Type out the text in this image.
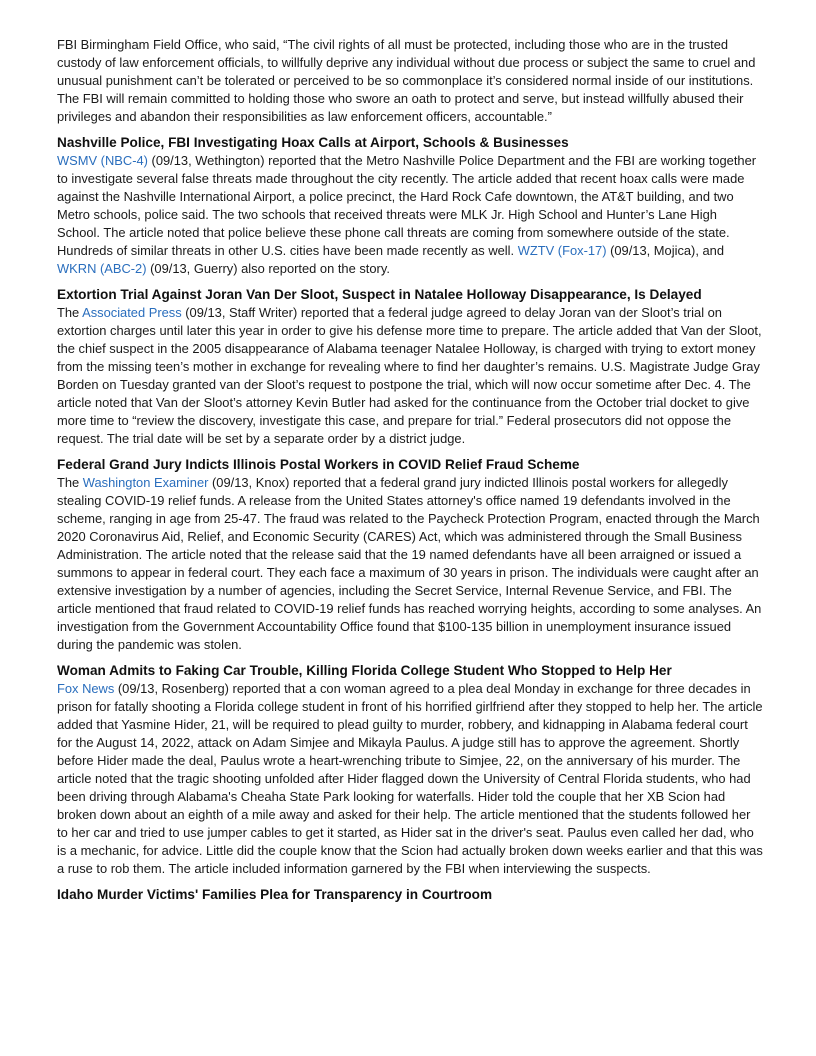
FBI Birmingham Field Office, who said, “The civil rights of all must be protected, including those who are in the trusted custody of law enforcement officials, to willfully deprive any individual without due process or subject the same to cruel and unusual punishment can’t be tolerated or perceived to be so commonplace it’s considered normal inside of our institutions. The FBI will remain committed to holding those who swore an oath to protect and serve, but instead willfully abused their privileges and abandon their responsibilities as law enforcement officers, accountable.”

Nashville Police, FBI Investigating Hoax Calls at Airport, Schools & Businesses

WSMV (NBC-4) (09/13, Wethington) reported that the Metro Nashville Police Department and the FBI are working together to investigate several false threats made throughout the city recently. The article added that recent hoax calls were made against the Nashville International Airport, a police precinct, the Hard Rock Cafe downtown, the AT&T building, and two Metro schools, police said. The two schools that received threats were MLK Jr. High School and Hunter’s Lane High School. The article noted that police believe these phone call threats are coming from somewhere outside of the state. Hundreds of similar threats in other U.S. cities have been made recently as well. WZTV (Fox-17) (09/13, Mojica), and WKRN (ABC-2) (09/13, Guerry) also reported on the story.

Extortion Trial Against Joran Van Der Sloot, Suspect in Natalee Holloway Disappearance, Is Delayed

The Associated Press (09/13, Staff Writer) reported that a federal judge agreed to delay Joran van der Sloot’s trial on extortion charges until later this year in order to give his defense more time to prepare. The article added that Van der Sloot, the chief suspect in the 2005 disappearance of Alabama teenager Natalee Holloway, is charged with trying to extort money from the missing teen’s mother in exchange for revealing where to find her daughter’s remains. U.S. Magistrate Judge Gray Borden on Tuesday granted van der Sloot’s request to postpone the trial, which will now occur sometime after Dec. 4. The article noted that Van der Sloot’s attorney Kevin Butler had asked for the continuance from the October trial docket to give more time to “review the discovery, investigate this case, and prepare for trial.” Federal prosecutors did not oppose the request. The trial date will be set by a separate order by a district judge.

Federal Grand Jury Indicts Illinois Postal Workers in COVID Relief Fraud Scheme

The Washington Examiner (09/13, Knox) reported that a federal grand jury indicted Illinois postal workers for allegedly stealing COVID-19 relief funds. A release from the United States attorney's office named 19 defendants involved in the scheme, ranging in age from 25-47. The fraud was related to the Paycheck Protection Program, enacted through the March 2020 Coronavirus Aid, Relief, and Economic Security (CARES) Act, which was administered through the Small Business Administration. The article noted that the release said that the 19 named defendants have all been arraigned or issued a summons to appear in federal court. They each face a maximum of 30 years in prison. The individuals were caught after an extensive investigation by a number of agencies, including the Secret Service, Internal Revenue Service, and FBI. The article mentioned that fraud related to COVID-19 relief funds has reached worrying heights, according to some analyses. An investigation from the Government Accountability Office found that $100-135 billion in unemployment insurance issued during the pandemic was stolen.

Woman Admits to Faking Car Trouble, Killing Florida College Student Who Stopped to Help Her

Fox News (09/13, Rosenberg) reported that a con woman agreed to a plea deal Monday in exchange for three decades in prison for fatally shooting a Florida college student in front of his horrified girlfriend after they stopped to help her. The article added that Yasmine Hider, 21, will be required to plead guilty to murder, robbery, and kidnapping in Alabama federal court for the August 14, 2022, attack on Adam Simjee and Mikayla Paulus. A judge still has to approve the agreement. Shortly before Hider made the deal, Paulus wrote a heart-wrenching tribute to Simjee, 22, on the anniversary of his murder. The article noted that the tragic shooting unfolded after Hider flagged down the University of Central Florida students, who had been driving through Alabama's Cheaha State Park looking for waterfalls. Hider told the couple that her XB Scion had broken down about an eighth of a mile away and asked for their help. The article mentioned that the students followed her to her car and tried to use jumper cables to get it started, as Hider sat in the driver's seat. Paulus even called her dad, who is a mechanic, for advice. Little did the couple know that the Scion had actually broken down weeks earlier and that this was a ruse to rob them. The article included information garnered by the FBI when interviewing the suspects.

Idaho Murder Victims' Families Plea for Transparency in Courtroom
